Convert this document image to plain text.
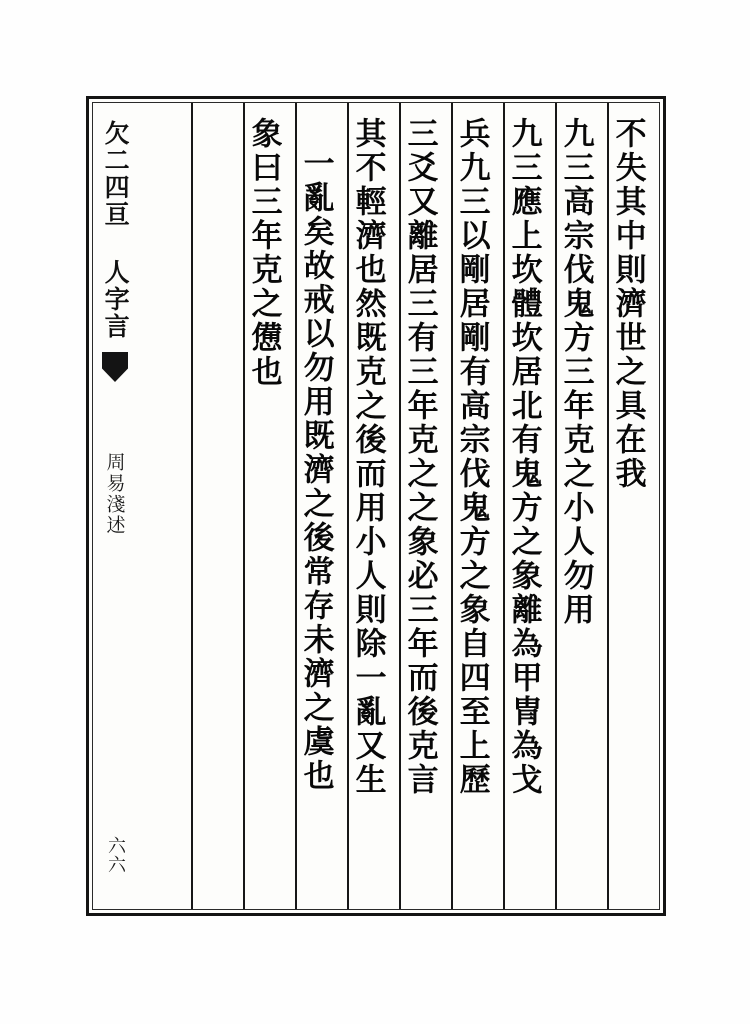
不失其中則濟世之具在我
九三高宗伐鬼方三年克之小人勿用
九三應上坎體坎居北有鬼方之象離為甲冑為戈
兵九三以剛居剛有高宗伐鬼方之象自四至上歷
三爻又離居三有三年克之之象必三年而後克言
其不輕濟也然既克之後而用小人則除一亂又生
一亂矣故戒以勿用既濟之後常存未濟之虞也
象曰三年克之憊也
欠二四亘 人字言
周易淺述
六六
